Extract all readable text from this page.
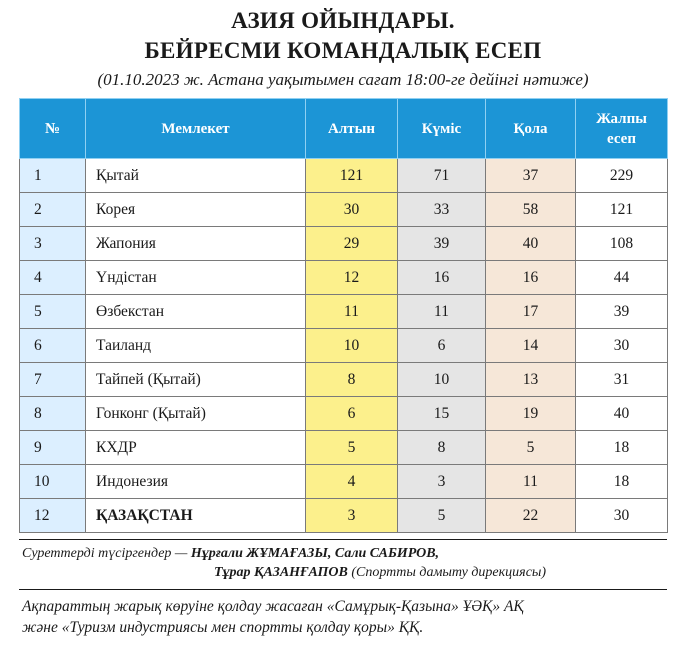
АЗИЯ ОЙЫНДАРЫ.
БЕЙРЕСМИ КОМАНДАЛЫҚ ЕСЕП
(01.10.2023 ж. Астана уақытымен сағат 18:00-ге дейінгі нәтиже)
№	Мемлекет	Алтын	Күміс	Қола	Жалпы
есеп
1	Қытай	121	71	37	229
2	Корея	30	33	58	121
3	Жапония	29	39	40	108
4	Үндістан	12	16	16	44
5	Өзбекстан	11	11	17	39
6	Таиланд	10	6	14	30
7	Тайпей (Қытай)	8	10	13	31
8	Гонконг (Қытай)	6	15	19	40
9	КХДР	5	8	5	18
10	Индонезия	4	3	11	18
12	ҚАЗАҚСТАН	3	5	22	30
Суреттерді түсіргендер — Нұрғали ЖҰМАҒАЗЫ, Сали САБИРОВ,
Тұрар ҚАЗАНҒАПОВ (Спортты дамыту дирекциясы)
Ақпараттың жарық көруіне қолдау жасаған «Самұрық-Қазына» ҰӘҚ» АҚ
және «Туризм индустриясы мен спортты қолдау қоры» ҚҚ.
